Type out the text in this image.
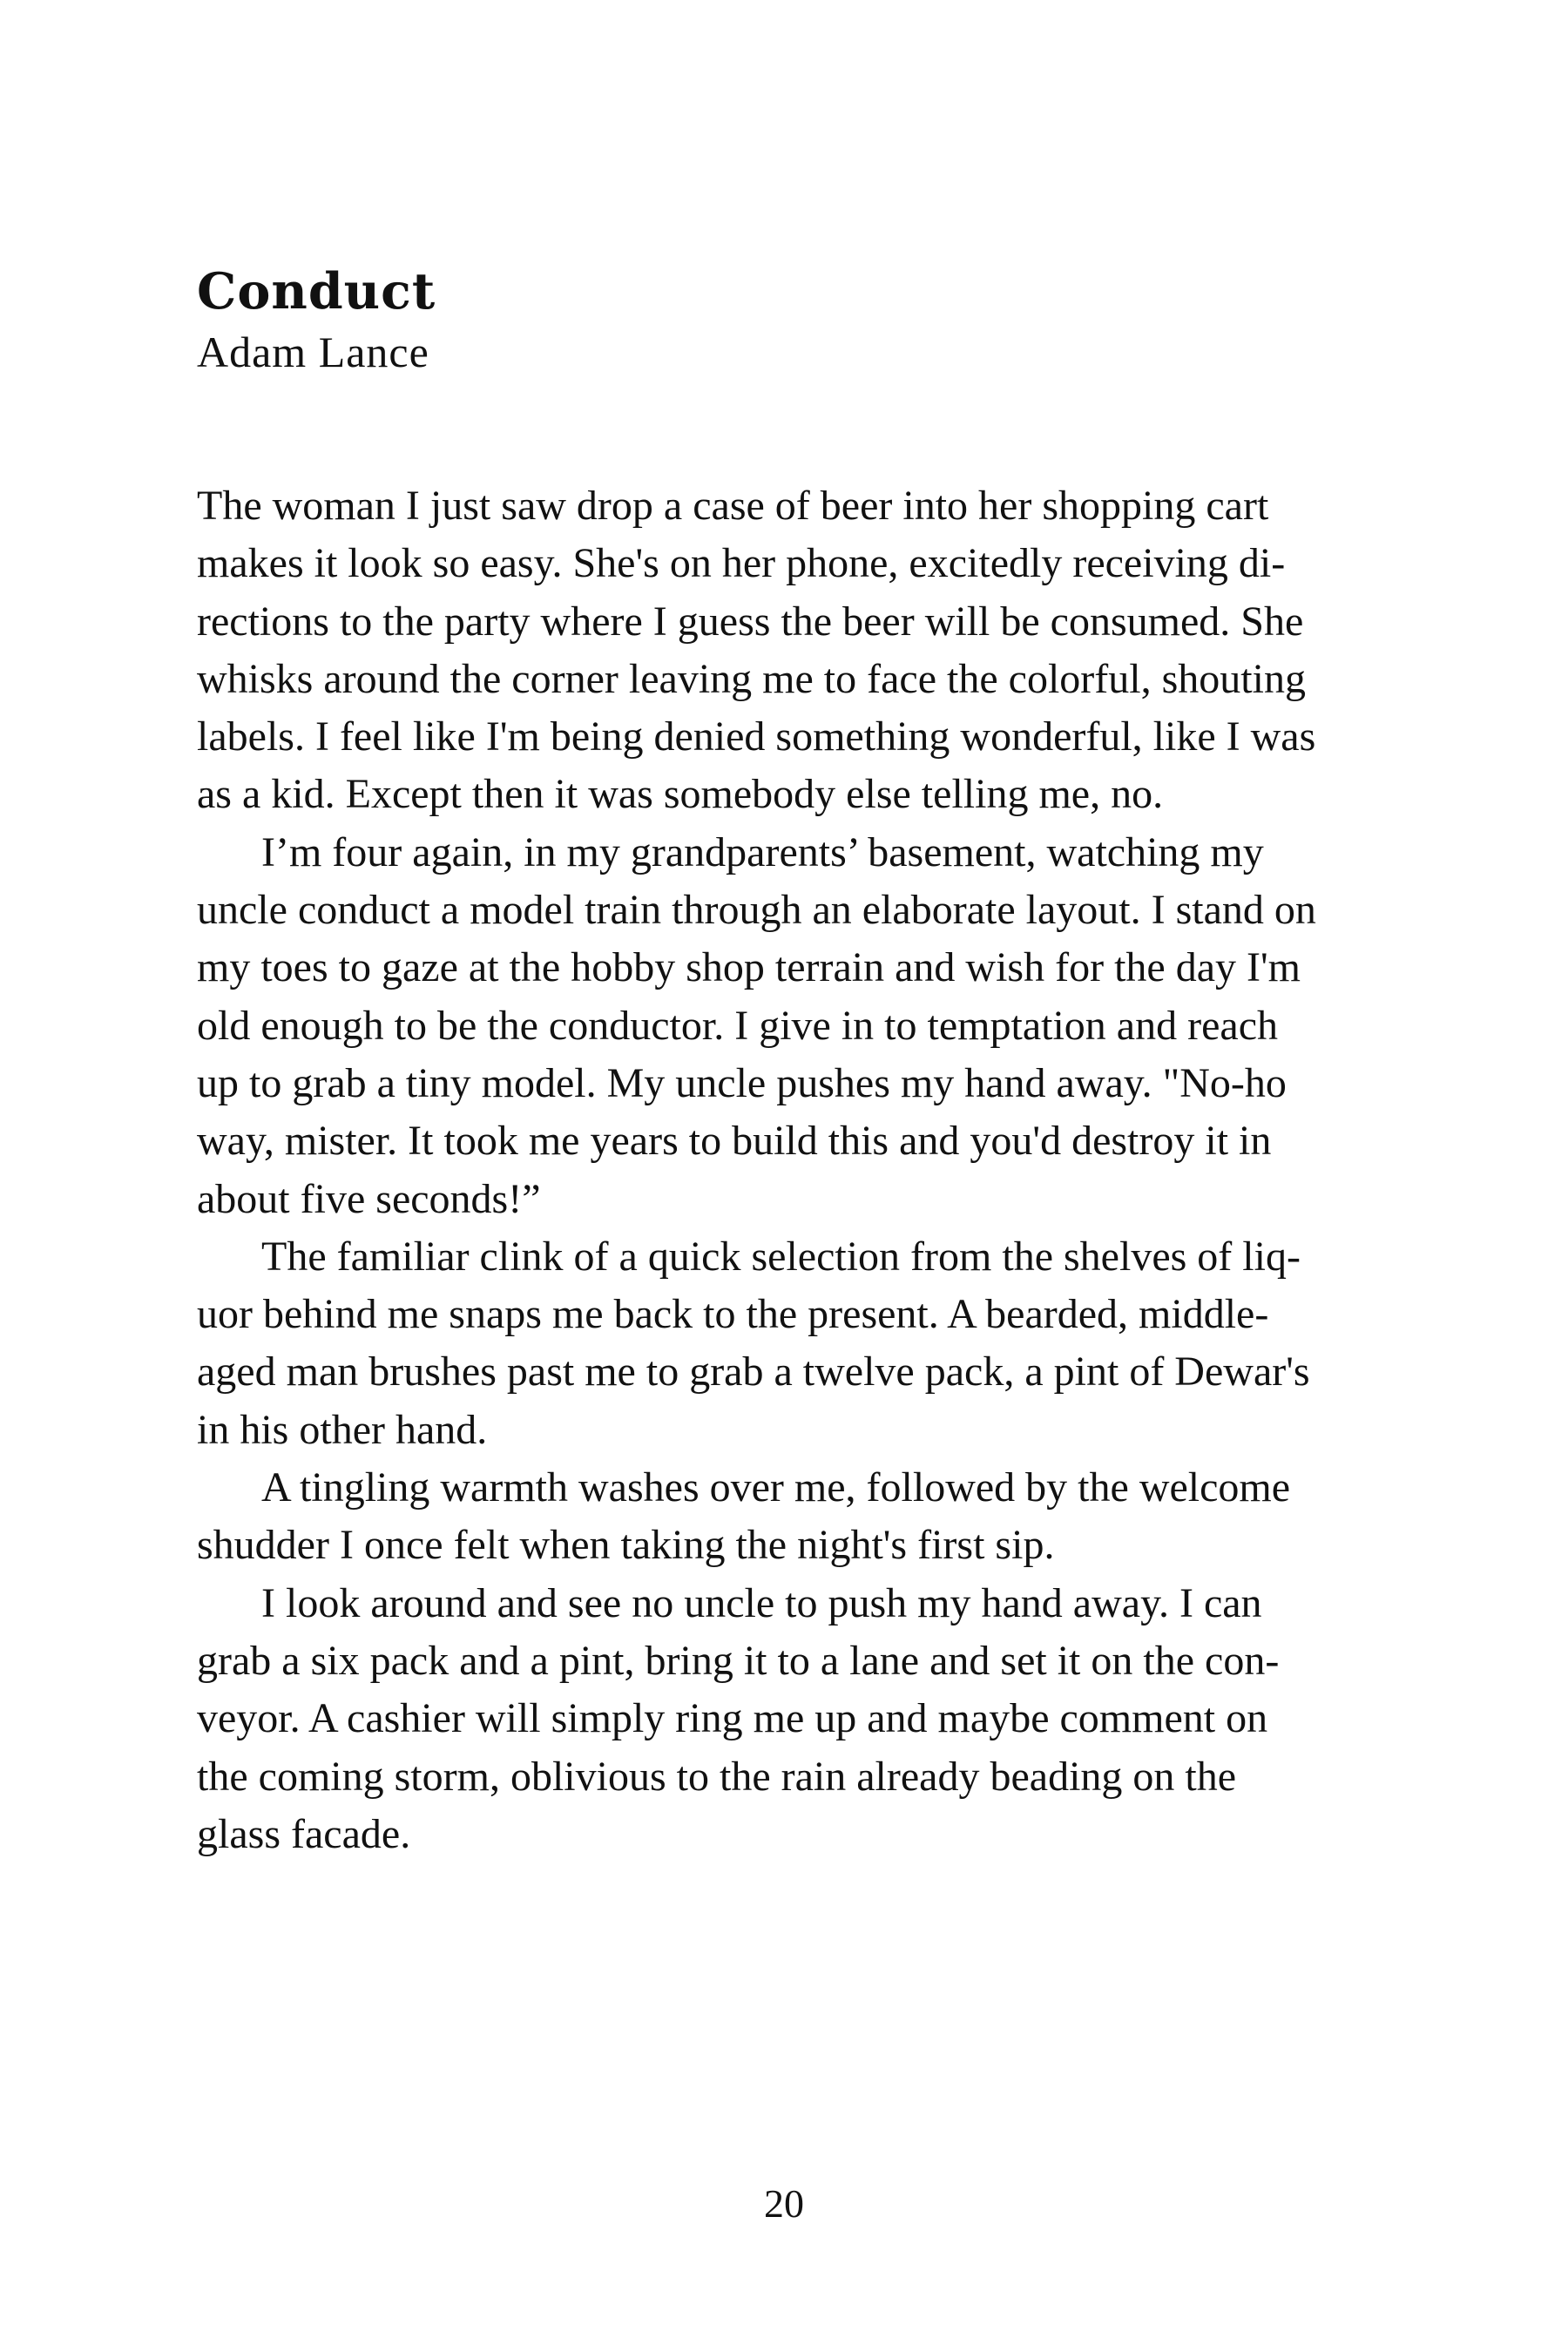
Conduct
Adam Lance
The woman I just saw drop a case of beer into her shopping cart
makes it look so easy. She's on her phone, excitedly receiving di-
rections to the party where I guess the beer will be consumed. She
whisks around the corner leaving me to face the colorful, shouting
labels. I feel like I'm being denied something wonderful, like I was
as a kid. Except then it was somebody else telling me, no.
I’m four again, in my grandparents’ basement, watching my
uncle conduct a model train through an elaborate layout. I stand on
my toes to gaze at the hobby shop terrain and wish for the day I'm
old enough to be the conductor. I give in to temptation and reach
up to grab a tiny model. My uncle pushes my hand away. "No-ho
way, mister. It took me years to build this and you'd destroy it in
about five seconds!”
The familiar clink of a quick selection from the shelves of liq-
uor behind me snaps me back to the present. A bearded, middle-
aged man brushes past me to grab a twelve pack, a pint of Dewar's
in his other hand.
A tingling warmth washes over me, followed by the welcome
shudder I once felt when taking the night's first sip.
I look around and see no uncle to push my hand away. I can
grab a six pack and a pint, bring it to a lane and set it on the con-
veyor. A cashier will simply ring me up and maybe comment on
the coming storm, oblivious to the rain already beading on the
glass facade.
20
